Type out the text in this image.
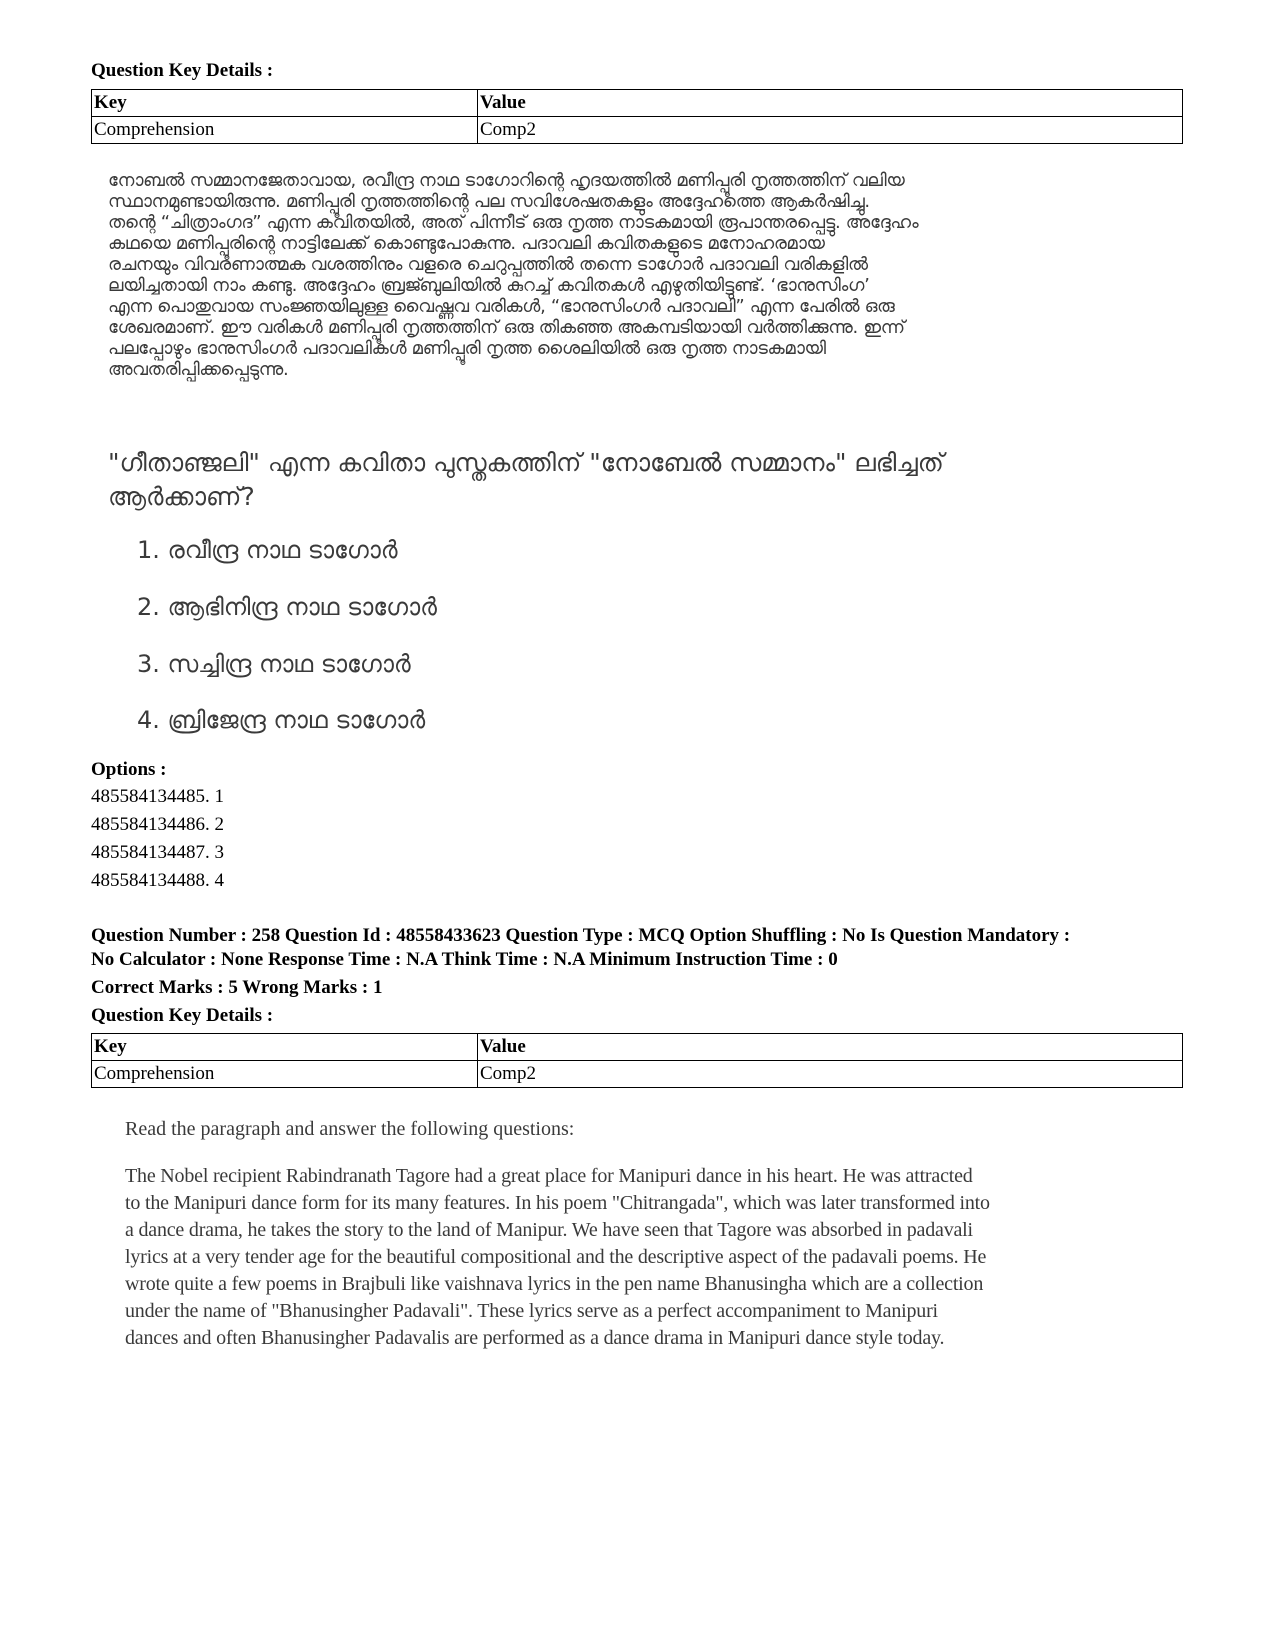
Question Key Details :
Key	Value
Comprehension	Comp2
നോബൽ സമ്മാനജേതാവായ, രവീന്ദ്ര നാഥ ടാഗോറിന്റെ ഹൃദയത്തിൽ മണിപ്പൂരി നൃത്തത്തിന് വലിയ
സ്ഥാനമുണ്ടായിരുന്നു. മണിപ്പൂരി നൃത്തത്തിന്റെ പല സവിശേഷതകളും അദ്ദേഹത്തെ ആകർഷിച്ചു.
തന്റെ “ചിത്രാംഗദ” എന്ന കവിതയിൽ, അത് പിന്നീട് ഒരു നൃത്ത നാടകമായി രൂപാന്തരപ്പെട്ടു. അദ്ദേഹം
കഥയെ മണിപ്പൂരിന്റെ നാട്ടിലേക്ക് കൊണ്ടുപോകുന്നു. പദാവലി കവിതകളുടെ മനോഹരമായ
രചനയും വിവരണാത്മക വശത്തിനും വളരെ ചെറുപ്പത്തിൽ തന്നെ ടാഗോർ പദാവലി വരികളിൽ
ലയിച്ചതായി നാം കണ്ടു. അദ്ദേഹം ബ്രജ്ബുലിയിൽ കുറച്ച് കവിതകൾ എഴുതിയിട്ടുണ്ട്. ‘ഭാനുസിംഗ’
എന്ന പൊതുവായ സംജ്ഞയിലുള്ള വൈഷ്ണവ വരികൾ, “ഭാനുസിംഗർ പദാവലി” എന്ന പേരിൽ ഒരു
ശേഖരമാണ്. ഈ വരികൾ മണിപ്പൂരി നൃത്തത്തിന് ഒരു തികഞ്ഞ അകമ്പടിയായി വർത്തിക്കുന്നു. ഇന്ന്
പലപ്പോഴും ഭാനുസിംഗർ പദാവലികൾ മണിപ്പൂരി നൃത്ത ശൈലിയിൽ ഒരു നൃത്ത നാടകമായി
അവതരിപ്പിക്കപ്പെടുന്നു.
"ഗീതാഞ്ജലി" എന്ന കവിതാ പുസ്തകത്തിന് "നോബേൽ സമ്മാനം" ലഭിച്ചത്
ആർക്കാണ്?
1. രവീന്ദ്ര നാഥ ടാഗോർ
2. ആഭിനിന്ദ്ര നാഥ ടാഗോർ
3. സച്ചിന്ദ്ര നാഥ ടാഗോർ
4. ബ്രിജേന്ദ്ര നാഥ ടാഗോർ
Options :
485584134485. 1
485584134486. 2
485584134487. 3
485584134488. 4
Question Number : 258 Question Id : 48558433623 Question Type : MCQ Option Shuffling : No Is Question Mandatory :
No Calculator : None Response Time : N.A Think Time : N.A Minimum Instruction Time : 0
Correct Marks : 5 Wrong Marks : 1
Question Key Details :
Key	Value
Comprehension	Comp2
Read the paragraph and answer the following questions:
The Nobel recipient Rabindranath Tagore had a great place for Manipuri dance in his heart. He was attracted
to the Manipuri dance form for its many features. In his poem "Chitrangada", which was later transformed into
a dance drama, he takes the story to the land of Manipur. We have seen that Tagore was absorbed in padavali
lyrics at a very tender age for the beautiful compositional and the descriptive aspect of the padavali poems. He
wrote quite a few poems in Brajbuli like vaishnava lyrics in the pen name Bhanusingha which are a collection
under the name of "Bhanusingher Padavali". These lyrics serve as a perfect accompaniment to Manipuri
dances and often Bhanusingher Padavalis are performed as a dance drama in Manipuri dance style today.
